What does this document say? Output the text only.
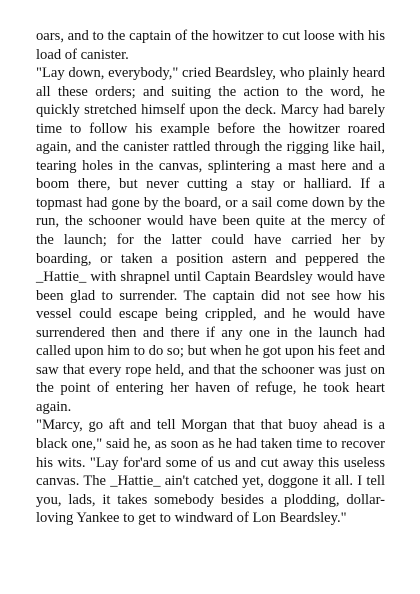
oars, and to the captain of the howitzer to cut loose with his load of canister.

"Lay down, everybody," cried Beardsley, who plainly heard all these orders; and suiting the action to the word, he quickly stretched himself upon the deck. Marcy had barely time to follow his example before the howitzer roared again, and the canister rattled through the rigging like hail, tearing holes in the canvas, splintering a mast here and a boom there, but never cutting a stay or halliard. If a topmast had gone by the board, or a sail come down by the run, the schooner would have been quite at the mercy of the launch; for the latter could have carried her by boarding, or taken a position astern and peppered the _Hattie_ with shrapnel until Captain Beardsley would have been glad to surrender. The captain did not see how his vessel could escape being crippled, and he would have surrendered then and there if any one in the launch had called upon him to do so; but when he got upon his feet and saw that every rope held, and that the schooner was just on the point of entering her haven of refuge, he took heart again.

"Marcy, go aft and tell Morgan that that buoy ahead is a black one," said he, as soon as he had taken time to recover his wits. "Lay for'ard some of us and cut away this useless canvas. The _Hattie_ ain't catched yet, doggone it all. I tell you, lads, it takes somebody besides a plodding, dollar-loving Yankee to get to windward of Lon Beardsley."
